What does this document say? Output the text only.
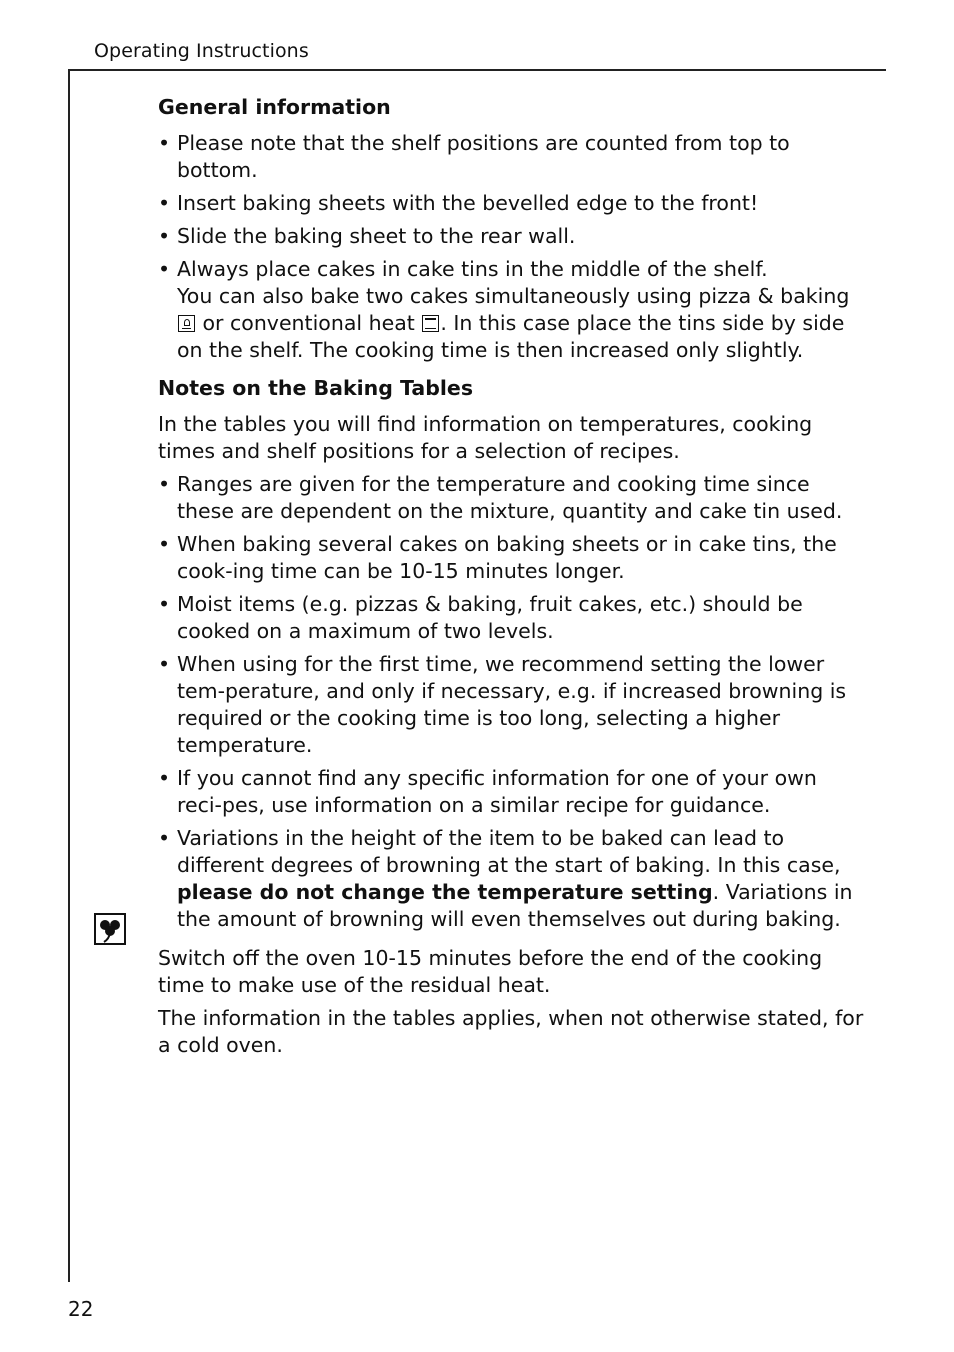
Operating Instructions
General information
• Please note that the shelf positions are counted from top to bottom.
• Insert baking sheets with the bevelled edge to the front!
• Slide the baking sheet to the rear wall.
• Always place cakes in cake tins in the middle of the shelf.
You can also bake two cakes simultaneously using pizza & baking  or conventional heat . In this case place the tins side by side on the shelf. The cooking time is then increased only slightly.
Notes on the Baking Tables
In the tables you will find information on temperatures, cooking times and shelf positions for a selection of recipes.
• Ranges are given for the temperature and cooking time since these are dependent on the mixture, quantity and cake tin used.
• When baking several cakes on baking sheets or in cake tins, the cook-ing time can be 10-15 minutes longer.
• Moist items (e.g. pizzas & baking, fruit cakes, etc.) should be cooked on a maximum of two levels.
• When using for the first time, we recommend setting the lower tem-perature, and only if necessary, e.g. if increased browning is required or the cooking time is too long, selecting a higher temperature.
• If you cannot find any specific information for one of your own reci-pes, use information on a similar recipe for guidance.
• Variations in the height of the item to be baked can lead to different degrees of browning at the start of baking. In this case, please do not change the temperature setting. Variations in the amount of browning will even themselves out during baking.
Switch off the oven 10-15 minutes before the end of the cooking time to make use of the residual heat.
The information in the tables applies, when not otherwise stated, for a cold oven.
22
